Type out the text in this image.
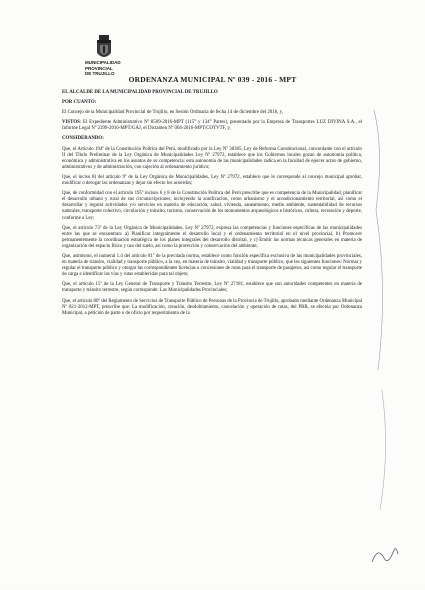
MUNICIPALIDAD PROVINCIAL
DE TRUJILLO
ORDENANZA MUNICIPAL Nº 039 - 2016 - MPT

EL ALCALDE DE LA MUNICIPALIDAD PROVINCIAL DE TRUJILLO

POR CUANTO:

El Concejo de la Municipalidad Provincial de Trujillo, en Sesión Ordinaria de fecha 14 de diciembre del 2016, y,

VISTOS: El Expediente Administrativo Nº 8509-2016-MPT (115° y 134° Partes), presentado por la Empresa de Transportes LUZ DIVINA S.A., el Informe Legal Nº 2399-2016-MPT/GAJ, el Dictamen Nº 004-2016-MPT/COTVTF, y,

CONSIDERANDO:

Que, el Artículo 194º de la Constitución Política del Perú, modificado por la Ley Nº 30305, Ley de Reforma Constitucional, concordante con el artículo II del Título Preliminar de la Ley Orgánica de Municipalidades Ley Nº 27972, establece que los Gobiernos locales gozan de autonomía política, económica y administrativa en los asuntos de su competencia; esta autonomía de las municipalidades radica en la facultad de ejercer actos de gobierno, administrativos y de administración, con sujeción al ordenamiento jurídico;

Que, el inciso 8) del artículo 9º de la Ley Orgánica de Municipalidades, Ley Nº 27972, establece que le corresponde al concejo municipal aprobar, modificar o derogar las ordenanzas y dejar sin efecto los acuerdos;

Que, de conformidad con el artículo 195º incisos 6 y 8 de la Constitución Política del Perú prescribe que es competencia de la Municipalidad, planificar el desarrollo urbano y rural de sus circunscripciones, incluyendo la zonificación, como urbanismo y el acondicionamiento territorial, así como el desarrollar y regular actividades y/o servicios en materia de educación, salud, vivienda, saneamiento, medio ambiente, sustentabilidad de recursos naturales, transporte colectivo, circulación y tránsito, turismo, conservación de los monumentos arqueológicos e históricos, cultura, recreación y deporte, conforme a Ley;

Que, el artículo 73º de la Ley Orgánica de Municipalidades, Ley Nº 27972, expresa las competencias y funciones específicas de las municipalidades entre las que se encuentran: a) Planificar integralmente el desarrollo local y el ordenamiento territorial en el nivel provincial, b) Promover permanentemente la coordinación estratégica de los planes integrales del desarrollo distrital, y c) Emitir las normas técnicas generales en materia de organización del espacio físico y uso del suelo, así como la protección y conservación del ambiente;

Que, asimismo, el numeral 1.4 del artículo 81º de la precitada norma, establece como función específica exclusiva de las municipalidades provinciales, en materia de tránsito, vialidad y transporte público, a la vez, en materia de tránsito, vialidad y transporte público, que les siguientes funciones: Normar y regular el transporte público y otorgar las correspondientes licencias o concesiones de rutas para el transporte de pasajeros, así como regular el transporte de carga e identificar las vías y rutas establecidas para tal objeto;

Que, el artículo 15º de la Ley General de Transporte y Tránsito Terrestre, Ley Nº 27181, establece que son autoridades competentes en materia de transporte y tránsito terrestre, según corresponde: Las Municipalidades Provinciales;

Que, el artículo 80º del Reglamento de Servicios de Transporte Público de Personas de la Provincia de Trujillo, aprobado mediante Ordenanza Municipal Nº 021-2012-MPT, prescribe que: La modificación, creación, desdoblamiento, cancelación y operación de rutas, del PRR, se efectúa por Ordenanza Municipal, a petición de parte o de oficio por requerimiento de la
